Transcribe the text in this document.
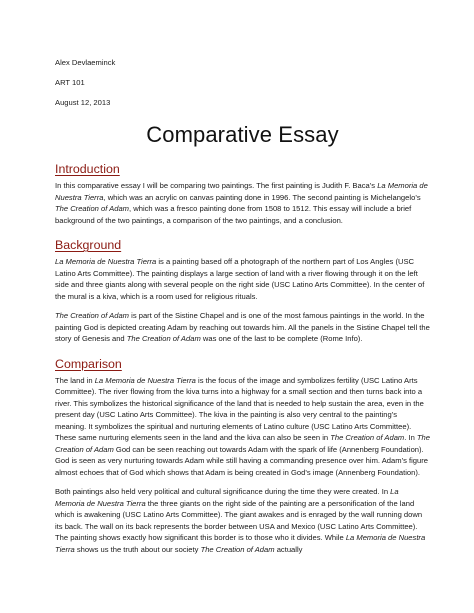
Alex Devlaeminck

ART 101

August 12, 2013

Comparative Essay
Introduction

In this comparative essay I will be comparing two paintings. The first painting is Judith F. Baca’s La Memoria de Nuestra Tierra, which was an acrylic on canvas painting done in 1996. The second painting is Michelangelo’s The Creation of Adam, which was a fresco painting done from 1508 to 1512. This essay will include a brief background of the two paintings, a comparison of the two paintings, and a conclusion.

Background

La Memoria de Nuestra Tierra is a painting based off a photograph of the northern part of Los Angles (USC Latino Arts Committee). The painting displays a large section of land with a river flowing through it on the left side and three giants along with several people on the right side (USC Latino Arts Committee). In the center of the mural is a kiva, which is a room used for religious rituals.

The Creation of Adam is part of the Sistine Chapel and is one of the most famous paintings in the world. In the painting God is depicted creating Adam by reaching out towards him. All the panels in the Sistine Chapel tell the story of Genesis and The Creation of Adam was one of the last to be complete (Rome Info).

Comparison

The land in La Memoria de Nuestra Tierra is the focus of the image and symbolizes fertility (USC Latino Arts Committee). The river flowing from the kiva turns into a highway for a small section and then turns back into a river. This symbolizes the historical significance of the land that is needed to help sustain the area, even in the present day (USC Latino Arts Committee). The kiva in the painting is also very central to the painting’s meaning. It symbolizes the spiritual and nurturing elements of Latino culture (USC Latino Arts Committee). These same nurturing elements seen in the land and the kiva can also be seen in The Creation of Adam. In The Creation of Adam God can be seen reaching out towards Adam with the spark of life (Annenberg Foundation). God is seen as very nurturing towards Adam while still having a commanding presence over him. Adam’s figure almost echoes that of God which shows that Adam is being created in God’s image (Annenberg Foundation).

Both paintings also held very political and cultural significance during the time they were created. In La Memoria de Nuestra Tierra the three giants on the right side of the painting are a personification of the land which is awakening (USC Latino Arts Committee). The giant awakes and is enraged by the wall running down its back. The wall on its back represents the border between USA and Mexico (USC Latino Arts Committee). The painting shows exactly how significant this border is to those who it divides. While La Memoria de Nuestra Tierra shows us the truth about our society The Creation of Adam actually
